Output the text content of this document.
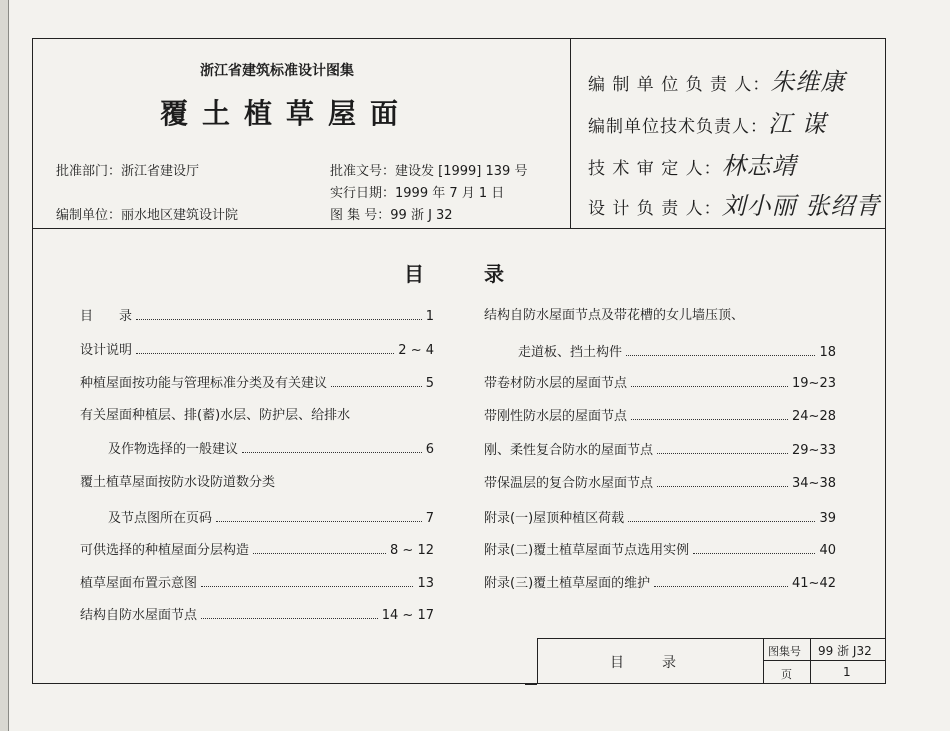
浙江省建筑标准设计图集
覆土植草屋面
批准部门：浙江省建设厅
编制单位：丽水地区建筑设计院
批准文号：建设发 [1999] 139 号
实行日期：1999 年 7 月 1 日
图 集 号：99 浙 J 32
编 制 单 位 负 责 人：朱维康
编制单位技术负责人：江 谋
技 术 审 定 人：林志靖
设 计 负 责 人：刘小丽 张绍青
目	录
目　　录	1
设计说明	2 ~ 4
种植屋面按功能与管理标准分类及有关建议	5
有关屋面种植层、排(蓄)水层、防护层、给排水
及作物选择的一般建议	6
覆土植草屋面按防水设防道数分类
及节点图所在页码	7
可供选择的种植屋面分层构造	8 ~ 12
植草屋面布置示意图	13
结构自防水屋面节点	14 ~ 17
结构自防水屋面节点及带花槽的女儿墙压顶、
走道板、挡土构件	18
带卷材防水层的屋面节点	19~23
带刚性防水层的屋面节点	24~28
刚、柔性复合防水的屋面节点	29~33
带保温层的复合防水屋面节点	34~38
附录(一)屋顶种植区荷载	39
附录(二)覆土植草屋面节点选用实例	40
附录(三)覆土植草屋面的维护	41~42
目	录
图集号 99 浙 J32
页	1
